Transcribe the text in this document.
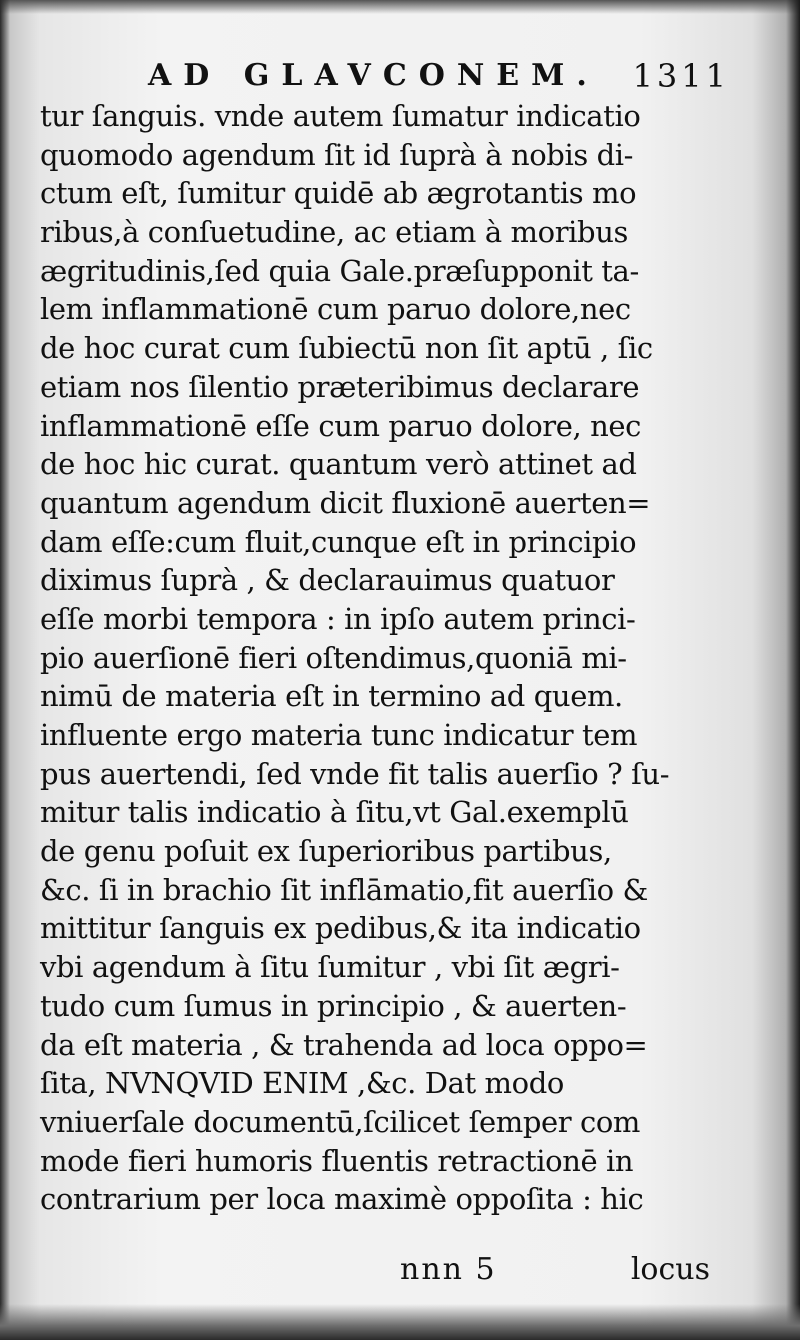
AD GLAVCONEM. 1311
tur ſanguis. vnde autem ſumatur indicatio
quomodo agendum ſit id ſuprà à nobis di-
ctum eſt, ſumitur quidē ab ægrotantis mo
ribus,à conſuetudine, ac etiam à moribus
ægritudinis,ſed quia Gale.præſupponit ta-
lem inflammationē cum paruo dolore,nec
de hoc curat cum ſubiectū non ſit aptū , ſic
etiam nos ſilentio præteribimus declarare
inflammationē eſſe cum paruo dolore, nec
de hoc hic curat. quantum verò attinet ad
quantum agendum dicit fluxionē auerten=
dam eſſe:cum fluit,cunque eſt in principio
diximus ſuprà , & declarauimus quatuor
eſſe morbi tempora : in ipſo autem princi-
pio auerſionē fieri oſtendimus,quoniā mi-
nimū de materia eſt in termino ad quem.
influente ergo materia tunc indicatur tem
pus auertendi, ſed vnde fit talis auerſio ? ſu-
mitur talis indicatio à ſitu,vt Gal.exemplū
de genu poſuit ex ſuperioribus partibus,
&c. ſi in brachio ſit inflāmatio,fit auerſio &
mittitur ſanguis ex pedibus,& ita indicatio
vbi agendum à ſitu ſumitur , vbi ſit ægri-
tudo cum ſumus in principio , & auerten-
da eſt materia , & trahenda ad loca oppo=
ſita, NVNQVID ENIM ,&c. Dat modo
vniuerſale documentū,ſcilicet ſemper com
mode fieri humoris fluentis retractionē in
contrarium per loca maximè oppoſita : hic
nnn 5	locus
